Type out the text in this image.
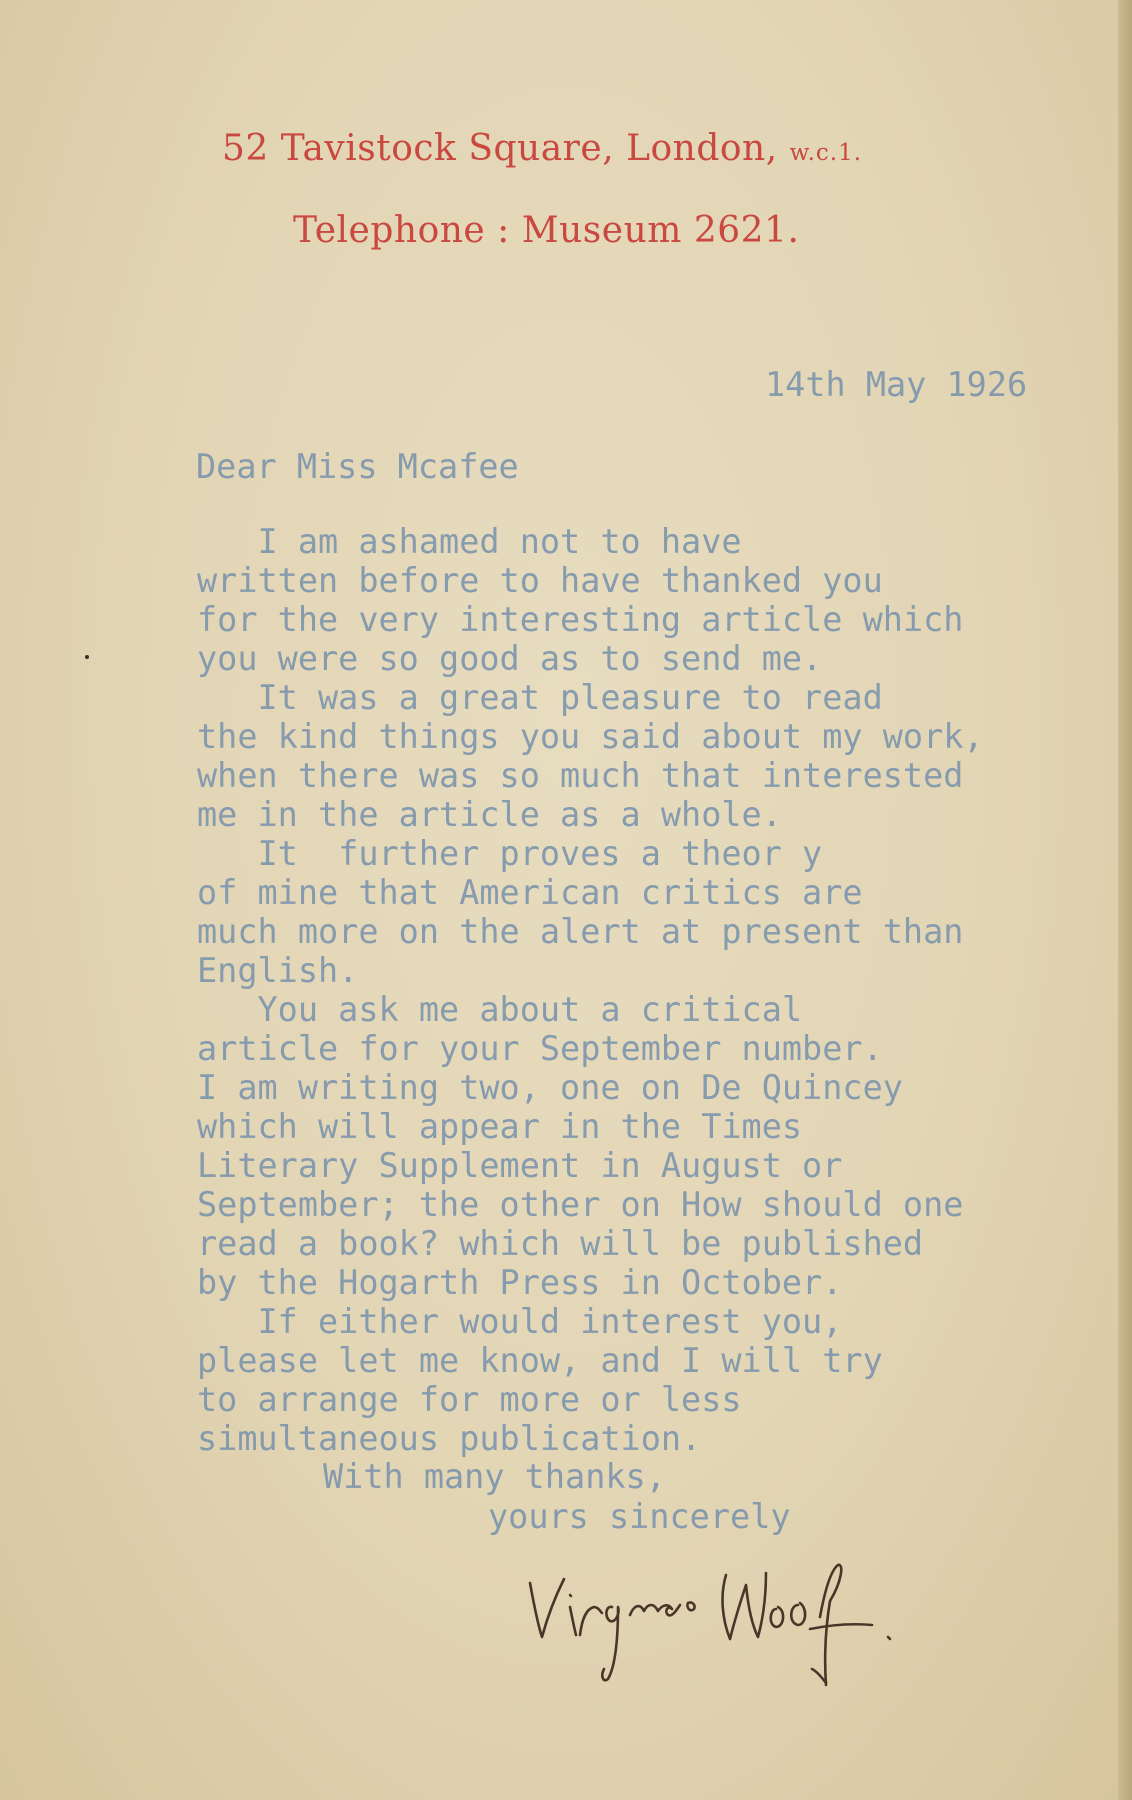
52 Tavistock Square, London, w.c.1.
Telephone : Museum 2621.
14th May 1926
Dear Miss Mcafee
I am ashamed not to have
written before to have thanked you
for the very interesting article which
you were so good as to send me.
It was a great pleasure to read
the kind things you said about my work,
when there was so much that interested
me in the article as a whole.
It  further proves a theor y
of mine that American critics are
much more on the alert at present than
English.
You ask me about a critical
article for your September number.
I am writing two, one on De Quincey
which will appear in the Times
Literary Supplement in August or
September; the other on How should one
read a book? which will be published
by the Hogarth Press in October.
If either would interest you,
please let me know, and I will try
to arrange for more or less
simultaneous publication.
With many thanks,
yours sincerely
